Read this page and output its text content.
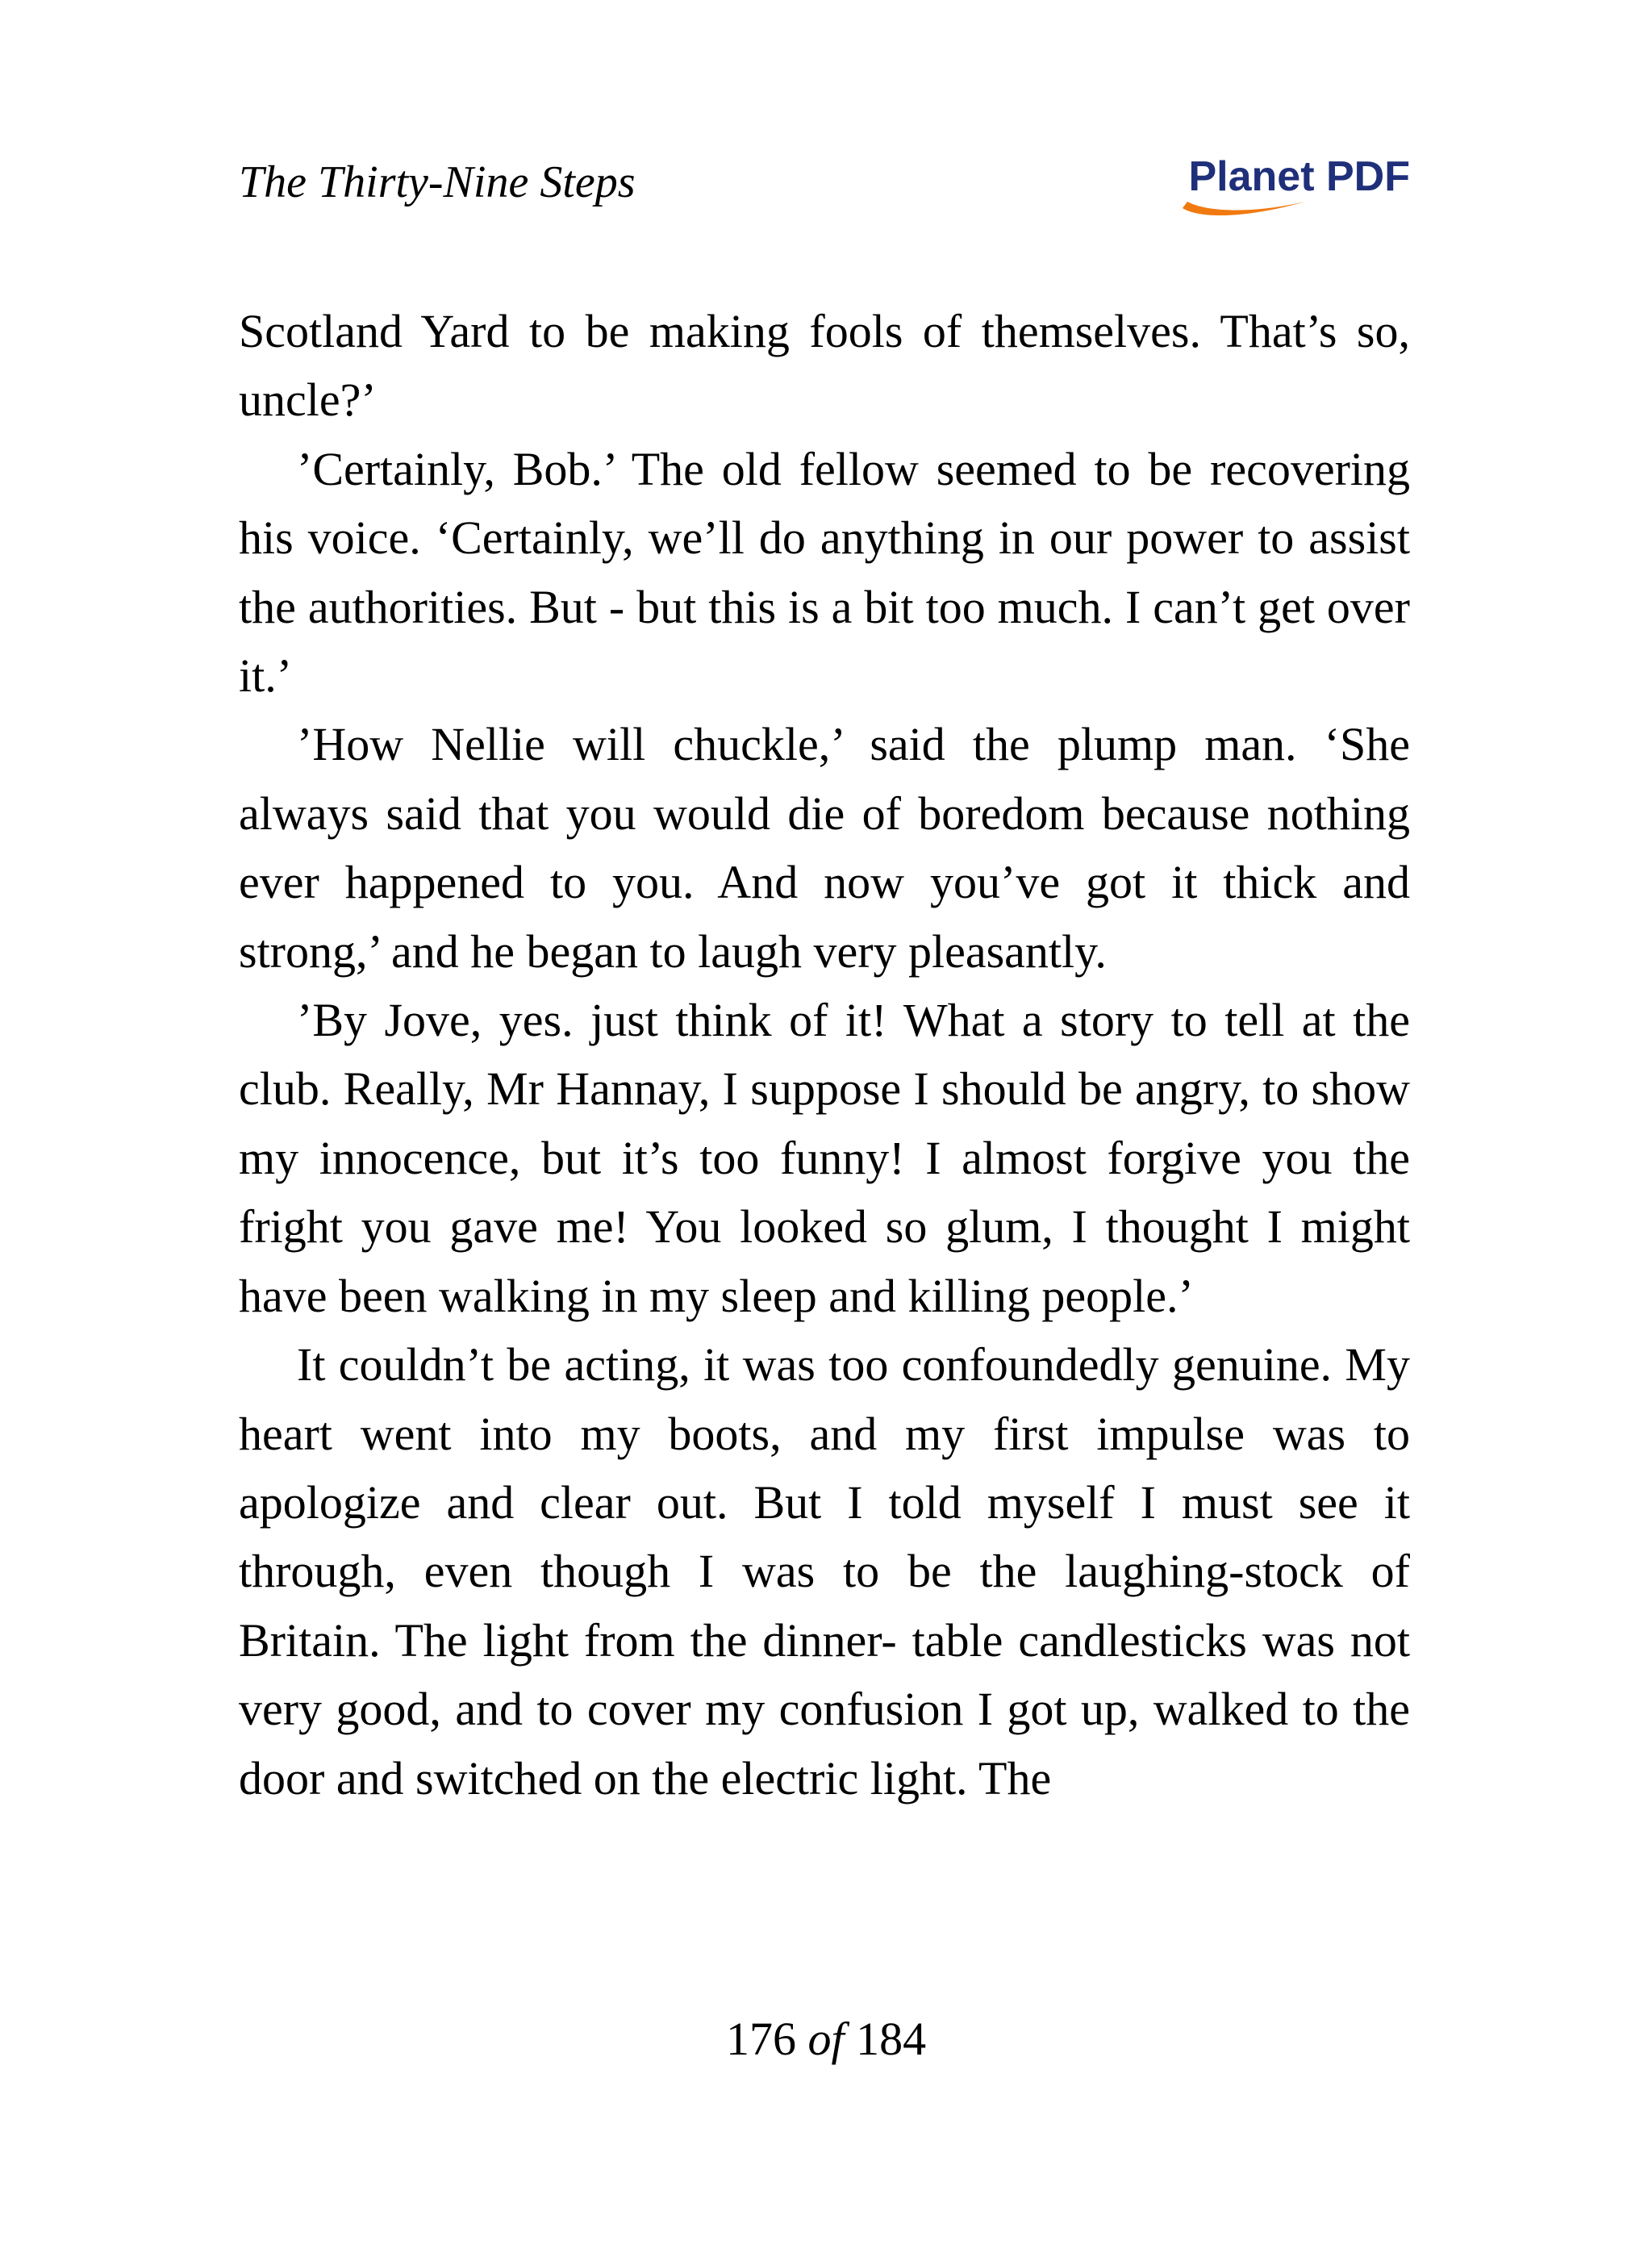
The Thirty-Nine Steps	Planet PDF

Scotland Yard to be making fools of themselves. That’s so, uncle?’

’Certainly, Bob.’ The old fellow seemed to be recovering his voice. ‘Certainly, we’ll do anything in our power to assist the authorities. But - but this is a bit too much. I can’t get over it.’

’How Nellie will chuckle,’ said the plump man. ‘She always said that you would die of boredom because nothing ever happened to you. And now you’ve got it thick and strong,’ and he began to laugh very pleasantly.

’By Jove, yes. just think of it! What a story to tell at the club. Really, Mr Hannay, I suppose I should be angry, to show my innocence, but it’s too funny! I almost forgive you the fright you gave me! You looked so glum, I thought I might have been walking in my sleep and killing people.’

It couldn’t be acting, it was too confoundedly genuine. My heart went into my boots, and my first impulse was to apologize and clear out. But I told myself I must see it through, even though I was to be the laughing-stock of Britain. The light from the dinner- table candlesticks was not very good, and to cover my confusion I got up, walked to the door and switched on the electric light. The

176 of 184
